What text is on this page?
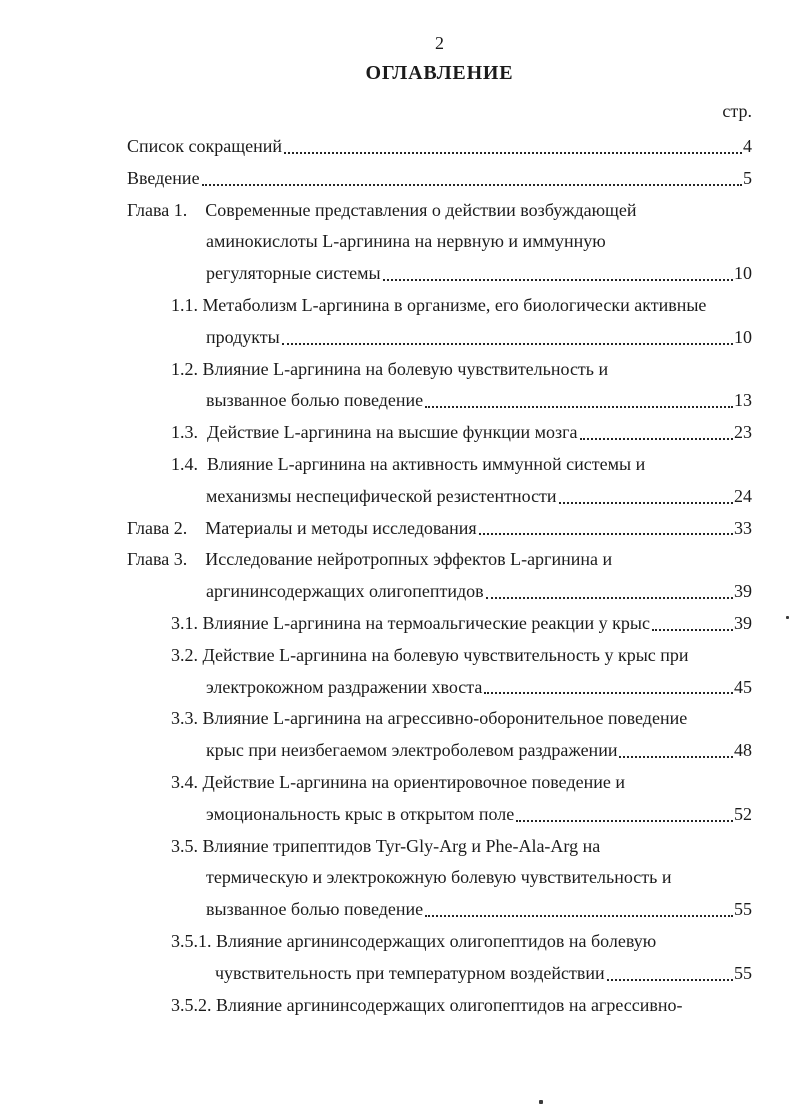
2
ОГЛАВЛЕНИЕ
стр.
Список сокращений	4
Введение	5
Глава 1.    Современные представления о действии возбуждающей
аминокислоты L-аргинина на нервную и иммунную
регуляторные системы	10
1.1. Метаболизм L-аргинина в организме, его биологически активные
продукты	10
1.2. Влияние L-аргинина на болевую чувствительность и
вызванное болью поведение	13
1.3.  Действие L-аргинина на высшие функции мозга	23
1.4.  Влияние L-аргинина на активность иммунной системы и
механизмы неспецифической резистентности	24
Глава 2.    Материалы и методы исследования	33
Глава 3.    Исследование нейротропных эффектов L-аргинина и
аргининсодержащих олигопептидов	39
3.1. Влияние L-аргинина на термоальгические реакции у крыс	39
3.2. Действие L-аргинина на болевую чувствительность у крыс при
электрокожном раздражении хвоста	45
3.3. Влияние L-аргинина на агрессивно-оборонительное поведение
крыс при неизбегаемом электроболевом раздражении	48
3.4. Действие L-аргинина на ориентировочное поведение и
эмоциональность крыс в открытом поле	52
3.5. Влияние трипептидов Tyr-Gly-Arg и Phe-Ala-Arg на
термическую и электрокожную болевую чувствительность и
вызванное болью поведение	55
3.5.1. Влияние аргининсодержащих олигопептидов на болевую
чувствительность при температурном воздействии	55
3.5.2. Влияние аргининсодержащих олигопептидов на агрессивно-
